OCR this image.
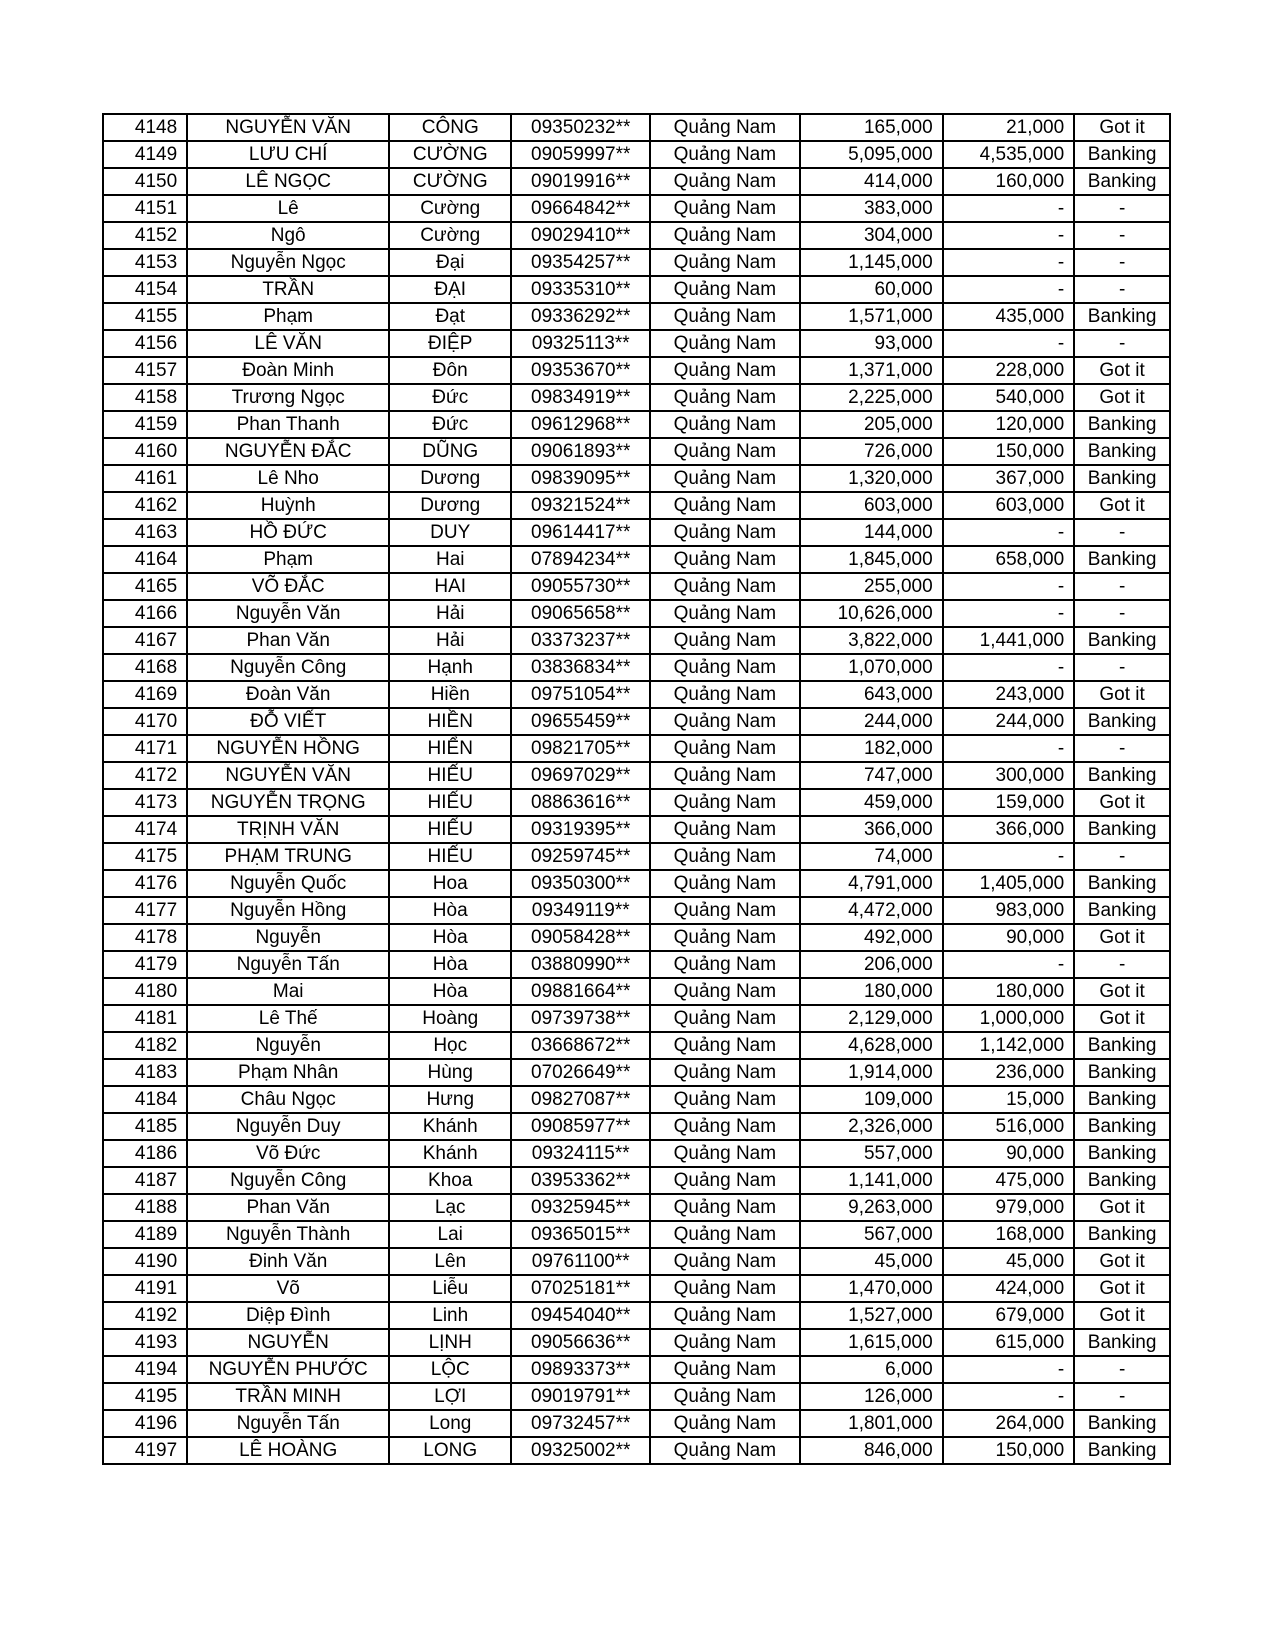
4148	NGUYỄN VĂN	CÔNG	09350232**	Quảng Nam	165,000	21,000	Got it
4149	LƯU CHÍ	CƯỜNG	09059997**	Quảng Nam	5,095,000	4,535,000	Banking
4150	LÊ NGỌC	CƯỜNG	09019916**	Quảng Nam	414,000	160,000	Banking
4151	Lê	Cường	09664842**	Quảng Nam	383,000	-	-
4152	Ngô	Cường	09029410**	Quảng Nam	304,000	-	-
4153	Nguyễn Ngọc	Đại	09354257**	Quảng Nam	1,145,000	-	-
4154	TRẦN	ĐẠI	09335310**	Quảng Nam	60,000	-	-
4155	Phạm	Đạt	09336292**	Quảng Nam	1,571,000	435,000	Banking
4156	LÊ VĂN	ĐIỆP	09325113**	Quảng Nam	93,000	-	-
4157	Đoàn Minh	Đôn	09353670**	Quảng Nam	1,371,000	228,000	Got it
4158	Trương Ngọc	Đức	09834919**	Quảng Nam	2,225,000	540,000	Got it
4159	Phan Thanh	Đức	09612968**	Quảng Nam	205,000	120,000	Banking
4160	NGUYỄN ĐẮC	DŨNG	09061893**	Quảng Nam	726,000	150,000	Banking
4161	Lê Nho	Dương	09839095**	Quảng Nam	1,320,000	367,000	Banking
4162	Huỳnh	Dương	09321524**	Quảng Nam	603,000	603,000	Got it
4163	HỒ ĐỨC	DUY	09614417**	Quảng Nam	144,000	-	-
4164	Phạm	Hai	07894234**	Quảng Nam	1,845,000	658,000	Banking
4165	VÕ ĐẮC	HAI	09055730**	Quảng Nam	255,000	-	-
4166	Nguyễn Văn	Hải	09065658**	Quảng Nam	10,626,000	-	-
4167	Phan Văn	Hải	03373237**	Quảng Nam	3,822,000	1,441,000	Banking
4168	Nguyễn Công	Hạnh	03836834**	Quảng Nam	1,070,000	-	-
4169	Đoàn Văn	Hiền	09751054**	Quảng Nam	643,000	243,000	Got it
4170	ĐỖ VIẾT	HIỀN	09655459**	Quảng Nam	244,000	244,000	Banking
4171	NGUYỄN HỒNG	HIỂN	09821705**	Quảng Nam	182,000	-	-
4172	NGUYỄN VĂN	HIẾU	09697029**	Quảng Nam	747,000	300,000	Banking
4173	NGUYỄN TRỌNG	HIẾU	08863616**	Quảng Nam	459,000	159,000	Got it
4174	TRỊNH VĂN	HIẾU	09319395**	Quảng Nam	366,000	366,000	Banking
4175	PHẠM TRUNG	HIẾU	09259745**	Quảng Nam	74,000	-	-
4176	Nguyễn Quốc	Hoa	09350300**	Quảng Nam	4,791,000	1,405,000	Banking
4177	Nguyễn Hồng	Hòa	09349119**	Quảng Nam	4,472,000	983,000	Banking
4178	Nguyễn	Hòa	09058428**	Quảng Nam	492,000	90,000	Got it
4179	Nguyễn Tấn	Hòa	03880990**	Quảng Nam	206,000	-	-
4180	Mai	Hòa	09881664**	Quảng Nam	180,000	180,000	Got it
4181	Lê Thế	Hoàng	09739738**	Quảng Nam	2,129,000	1,000,000	Got it
4182	Nguyễn	Học	03668672**	Quảng Nam	4,628,000	1,142,000	Banking
4183	Phạm Nhân	Hùng	07026649**	Quảng Nam	1,914,000	236,000	Banking
4184	Châu Ngọc	Hưng	09827087**	Quảng Nam	109,000	15,000	Banking
4185	Nguyễn Duy	Khánh	09085977**	Quảng Nam	2,326,000	516,000	Banking
4186	Võ Đức	Khánh	09324115**	Quảng Nam	557,000	90,000	Banking
4187	Nguyễn Công	Khoa	03953362**	Quảng Nam	1,141,000	475,000	Banking
4188	Phan Văn	Lạc	09325945**	Quảng Nam	9,263,000	979,000	Got it
4189	Nguyễn Thành	Lai	09365015**	Quảng Nam	567,000	168,000	Banking
4190	Đinh Văn	Lên	09761100**	Quảng Nam	45,000	45,000	Got it
4191	Võ	Liễu	07025181**	Quảng Nam	1,470,000	424,000	Got it
4192	Diệp Đình	Linh	09454040**	Quảng Nam	1,527,000	679,000	Got it
4193	NGUYỄN	LỊNH	09056636**	Quảng Nam	1,615,000	615,000	Banking
4194	NGUYỄN PHƯỚC	LỘC	09893373**	Quảng Nam	6,000	-	-
4195	TRẦN MINH	LỢI	09019791**	Quảng Nam	126,000	-	-
4196	Nguyễn Tấn	Long	09732457**	Quảng Nam	1,801,000	264,000	Banking
4197	LÊ HOÀNG	LONG	09325002**	Quảng Nam	846,000	150,000	Banking
